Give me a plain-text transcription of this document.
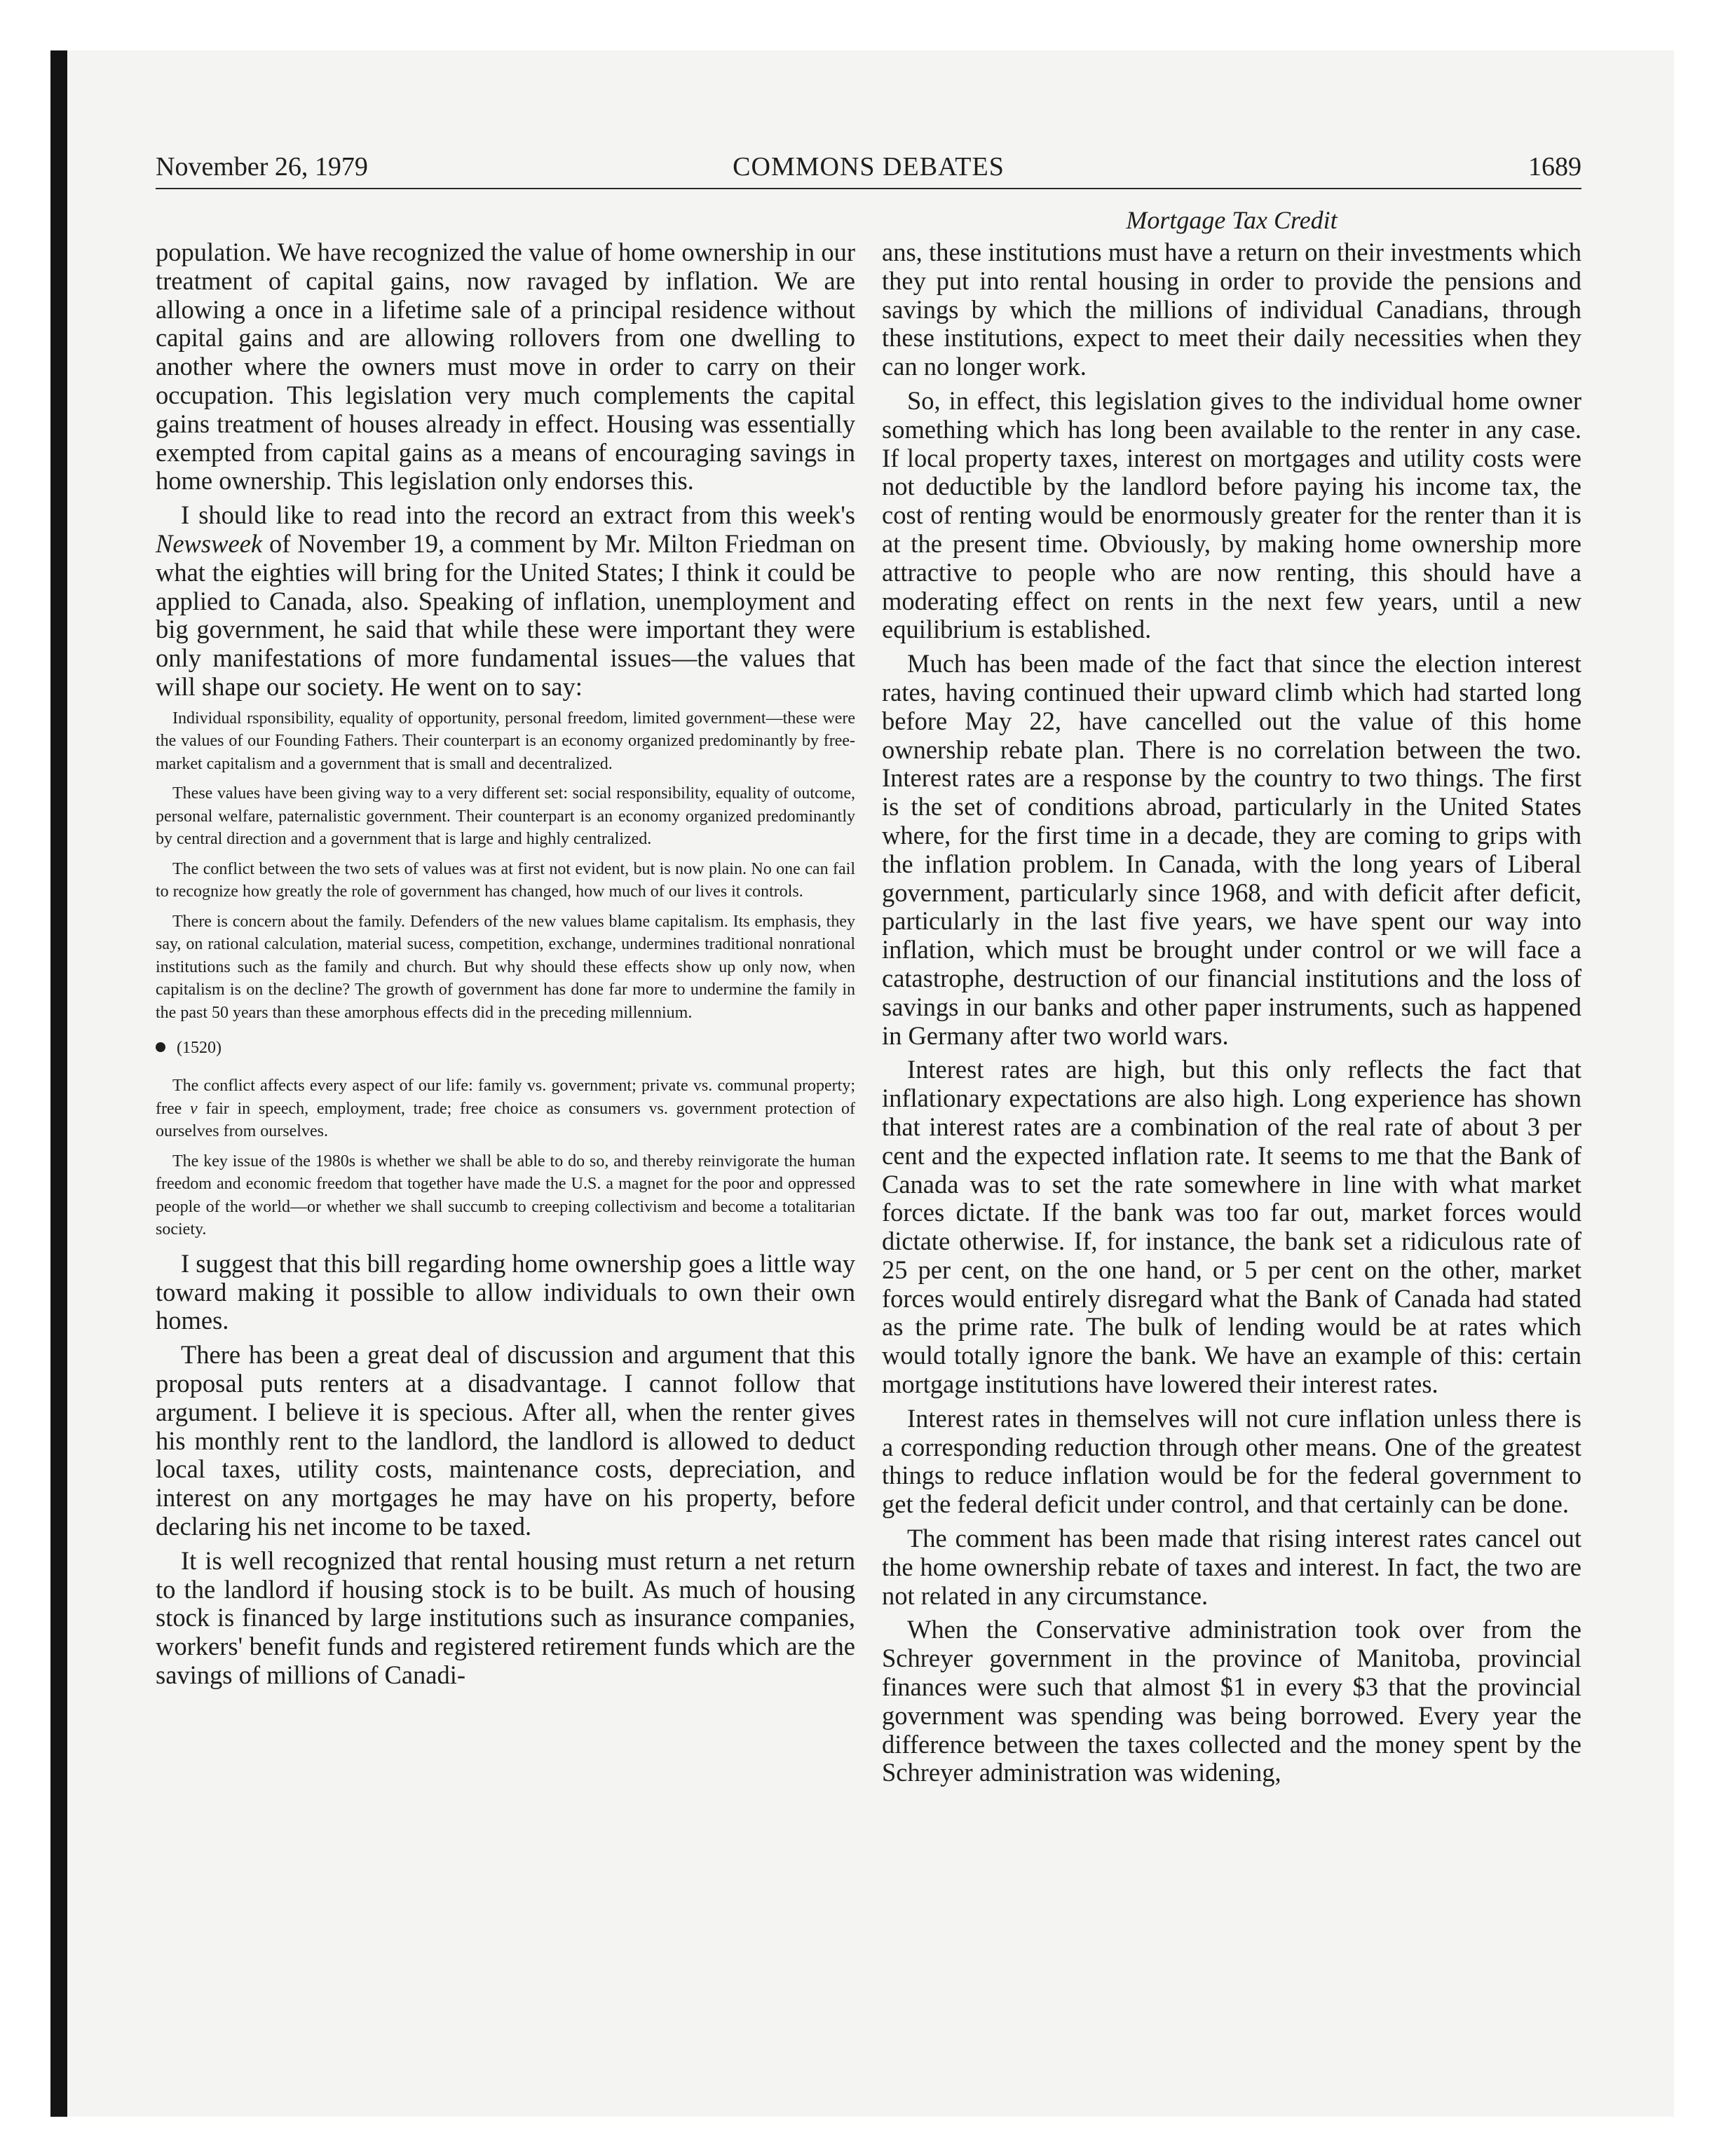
November 26, 1979	COMMONS DEBATES	1689
Mortgage Tax Credit

population. We have recognized the value of home ownership in our treatment of capital gains, now ravaged by inflation. We are allowing a once in a lifetime sale of a principal residence without capital gains and are allowing rollovers from one dwelling to another where the owners must move in order to carry on their occupation. This legislation very much complements the capital gains treatment of houses already in effect. Housing was essentially exempted from capital gains as a means of encouraging savings in home ownership. This legislation only endorses this.

I should like to read into the record an extract from this week's Newsweek of November 19, a comment by Mr. Milton Friedman on what the eighties will bring for the United States; I think it could be applied to Canada, also. Speaking of inflation, unemployment and big government, he said that while these were important they were only manifestations of more fundamental issues—the values that will shape our society. He went on to say:

Individual rsponsibility, equality of opportunity, personal freedom, limited government—these were the values of our Founding Fathers. Their counterpart is an economy organized predominantly by free-market capitalism and a government that is small and decentralized.

These values have been giving way to a very different set: social responsibility, equality of outcome, personal welfare, paternalistic government. Their counterpart is an economy organized predominantly by central direction and a government that is large and highly centralized.

The conflict between the two sets of values was at first not evident, but is now plain. No one can fail to recognize how greatly the role of government has changed, how much of our lives it controls.

There is concern about the family. Defenders of the new values blame capitalism. Its emphasis, they say, on rational calculation, material sucess, competition, exchange, undermines traditional nonrational institutions such as the family and church. But why should these effects show up only now, when capitalism is on the decline? The growth of government has done far more to undermine the family in the past 50 years than these amorphous effects did in the preceding millennium.

(1520)

The conflict affects every aspect of our life: family vs. government; private vs. communal property; free v fair in speech, employment, trade; free choice as consumers vs. government protection of ourselves from ourselves.

The key issue of the 1980s is whether we shall be able to do so, and thereby reinvigorate the human freedom and economic freedom that together have made the U.S. a magnet for the poor and oppressed people of the world—or whether we shall succumb to creeping collectivism and become a totalitarian society.

I suggest that this bill regarding home ownership goes a little way toward making it possible to allow individuals to own their own homes.

There has been a great deal of discussion and argument that this proposal puts renters at a disadvantage. I cannot follow that argument. I believe it is specious. After all, when the renter gives his monthly rent to the landlord, the landlord is allowed to deduct local taxes, utility costs, maintenance costs, depreciation, and interest on any mortgages he may have on his property, before declaring his net income to be taxed.

It is well recognized that rental housing must return a net return to the landlord if housing stock is to be built. As much of housing stock is financed by large institutions such as insurance companies, workers' benefit funds and registered retirement funds which are the savings of millions of Canadi-

ans, these institutions must have a return on their investments which they put into rental housing in order to provide the pensions and savings by which the millions of individual Canadians, through these institutions, expect to meet their daily necessities when they can no longer work.

So, in effect, this legislation gives to the individual home owner something which has long been available to the renter in any case. If local property taxes, interest on mortgages and utility costs were not deductible by the landlord before paying his income tax, the cost of renting would be enormously greater for the renter than it is at the present time. Obviously, by making home ownership more attractive to people who are now renting, this should have a moderating effect on rents in the next few years, until a new equilibrium is established.

Much has been made of the fact that since the election interest rates, having continued their upward climb which had started long before May 22, have cancelled out the value of this home ownership rebate plan. There is no correlation between the two. Interest rates are a response by the country to two things. The first is the set of conditions abroad, particularly in the United States where, for the first time in a decade, they are coming to grips with the inflation problem. In Canada, with the long years of Liberal government, particularly since 1968, and with deficit after deficit, particularly in the last five years, we have spent our way into inflation, which must be brought under control or we will face a catastrophe, destruction of our financial institutions and the loss of savings in our banks and other paper instruments, such as happened in Germany after two world wars.

Interest rates are high, but this only reflects the fact that inflationary expectations are also high. Long experience has shown that interest rates are a combination of the real rate of about 3 per cent and the expected inflation rate. It seems to me that the Bank of Canada was to set the rate somewhere in line with what market forces dictate. If the bank was too far out, market forces would dictate otherwise. If, for instance, the bank set a ridiculous rate of 25 per cent, on the one hand, or 5 per cent on the other, market forces would entirely disregard what the Bank of Canada had stated as the prime rate. The bulk of lending would be at rates which would totally ignore the bank. We have an example of this: certain mortgage institutions have lowered their interest rates.

Interest rates in themselves will not cure inflation unless there is a corresponding reduction through other means. One of the greatest things to reduce inflation would be for the federal government to get the federal deficit under control, and that certainly can be done.

The comment has been made that rising interest rates cancel out the home ownership rebate of taxes and interest. In fact, the two are not related in any circumstance.

When the Conservative administration took over from the Schreyer government in the province of Manitoba, provincial finances were such that almost $1 in every $3 that the provincial government was spending was being borrowed. Every year the difference between the taxes collected and the money spent by the Schreyer administration was widening,
